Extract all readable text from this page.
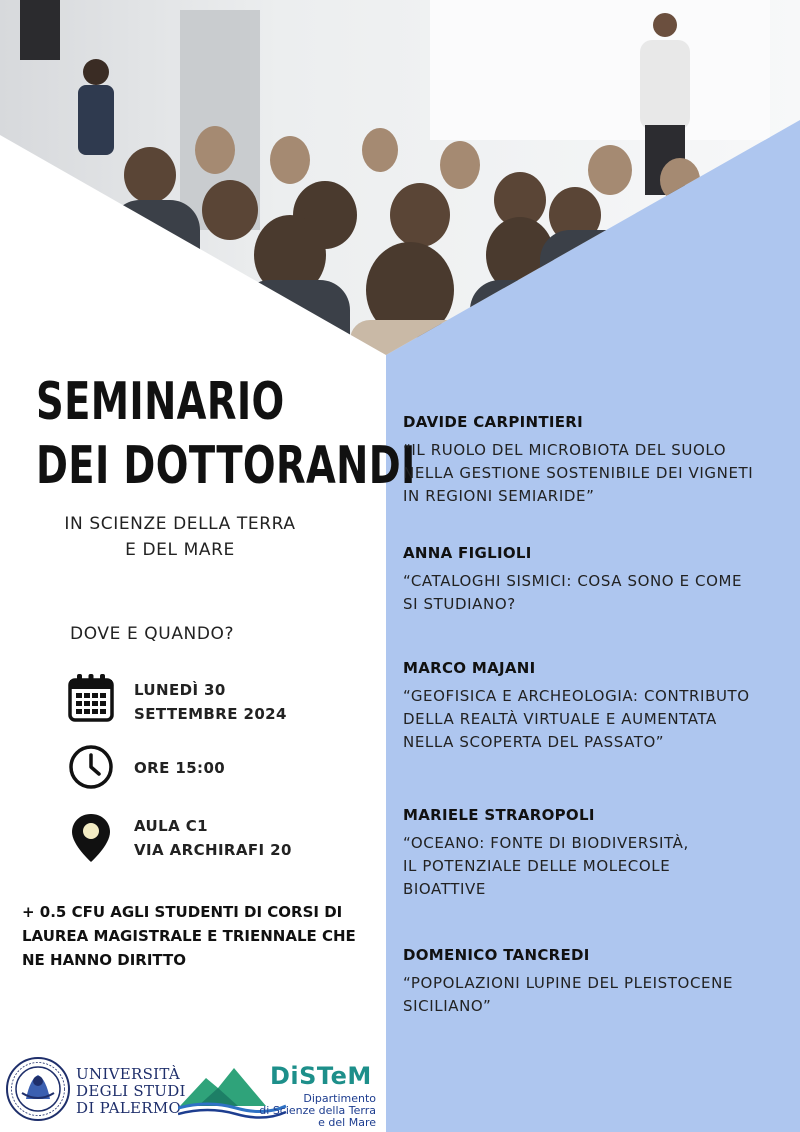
SEMINARIO
DEI DOTTORANDI
IN SCIENZE DELLA TERRA
E DEL MARE
DOVE E QUANDO?
LUNEDÌ 30
SETTEMBRE 2024
ORE 15:00
AULA C1
VIA ARCHIRAFI 20
+ 0.5 CFU AGLI STUDENTI DI CORSI DI LAUREA MAGISTRALE E TRIENNALE CHE NE HANNO DIRITTO
DAVIDE CARPINTIERI
“IL RUOLO DEL MICROBIOTA DEL SUOLO
NELLA GESTIONE SOSTENIBILE DEI VIGNETI
IN REGIONI SEMIARIDE”
ANNA FIGLIOLI
“CATALOGHI SISMICI: COSA SONO E COME
SI STUDIANO?
MARCO MAJANI
“GEOFISICA E ARCHEOLOGIA: CONTRIBUTO
DELLA REALTÀ VIRTUALE E AUMENTATA
NELLA SCOPERTA DEL PASSATO”
MARIELE STRAROPOLI
“OCEANO: FONTE DI BIODIVERSITÀ,
IL POTENZIALE DELLE MOLECOLE
BIOATTIVE
DOMENICO TANCREDI
“POPOLAZIONI LUPINE DEL PLEISTOCENE
SICILIANO”
UNIVERSITÀ
DEGLI STUDI
DI PALERMO
DiSTeM
Dipartimento
di Scienze della Terra
e del Mare
